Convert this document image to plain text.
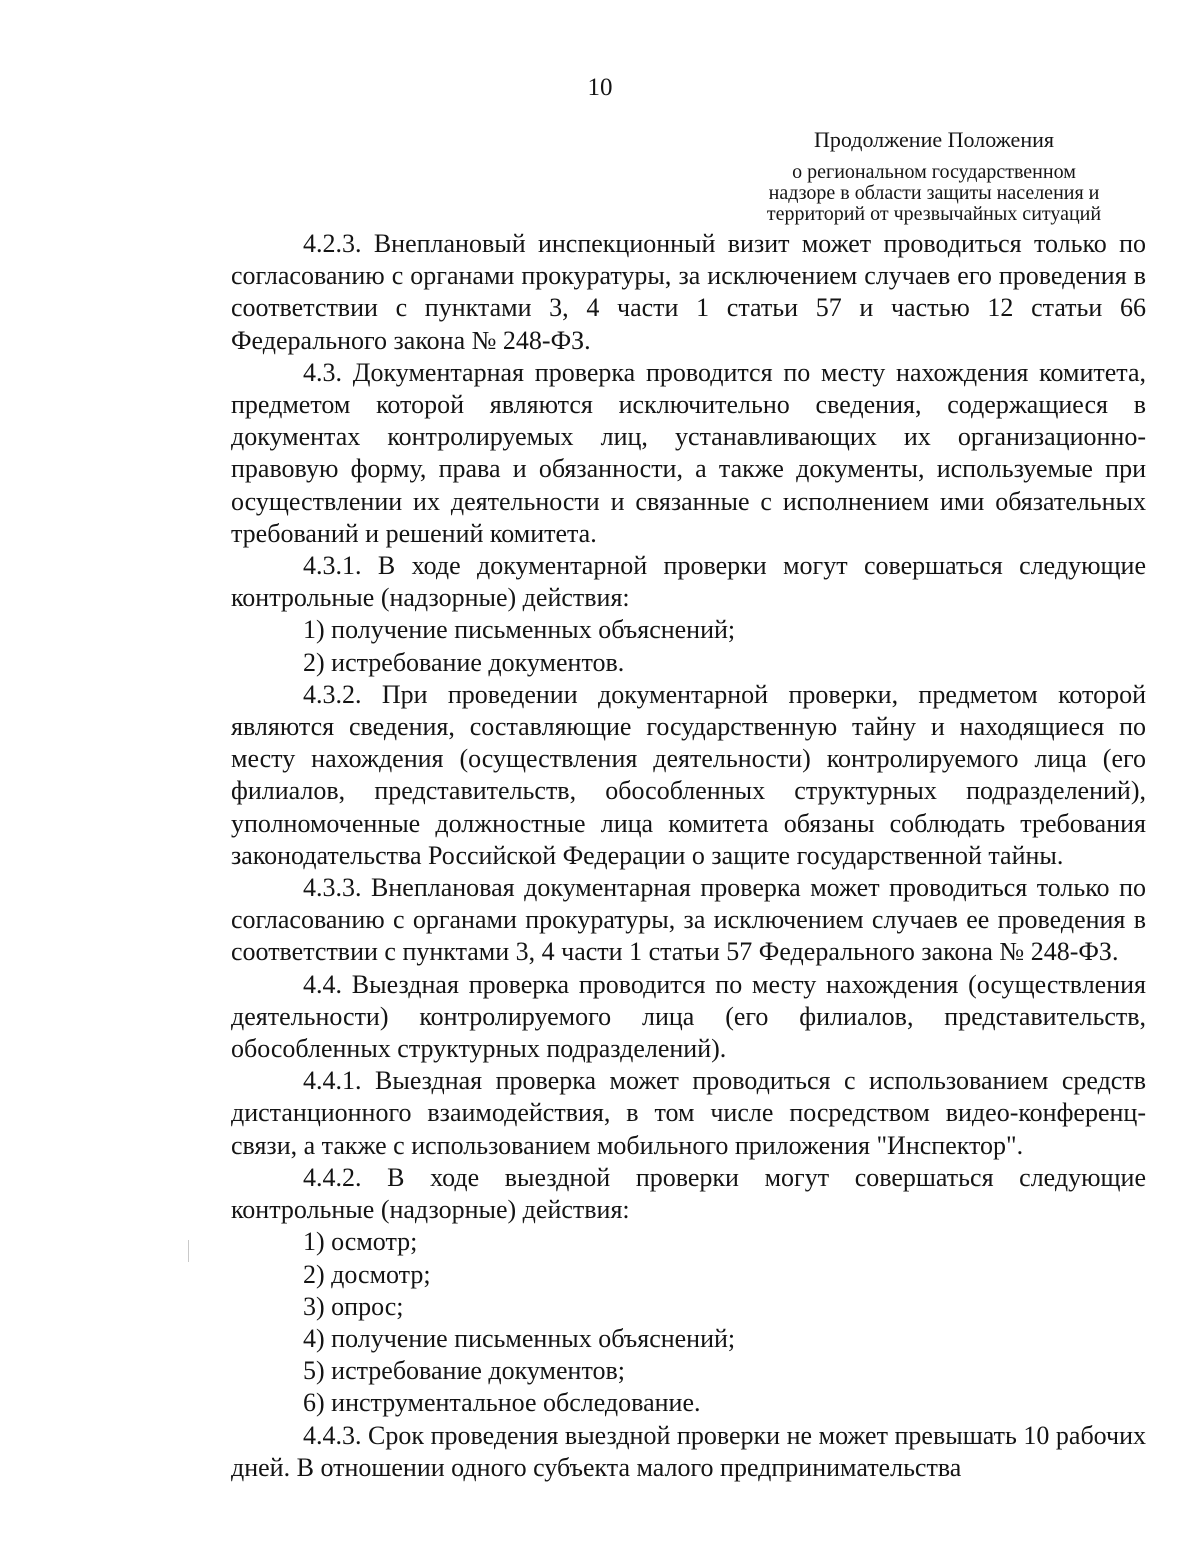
10
Продолжение Положения
о региональном государственном
надзоре в области защиты населения и
территорий от чрезвычайных ситуаций

4.2.3. Внеплановый инспекционный визит может проводиться только по согласованию с органами прокуратуры, за исключением случаев его проведения в соответствии с пунктами 3, 4 части 1 статьи 57 и частью 12 статьи 66 Федерального закона № 248-ФЗ.

4.3. Документарная проверка проводится по месту нахождения комитета, предметом которой являются исключительно сведения, содержащиеся в документах контролируемых лиц, устанавливающих их организационно-правовую форму, права и обязанности, а также документы, используемые при осуществлении их деятельности и связанные с исполнением ими обязательных требований и решений комитета.

4.3.1. В ходе документарной проверки могут совершаться следующие контрольные (надзорные) действия:

1) получение письменных объяснений;

2) истребование документов.

4.3.2. При проведении документарной проверки, предметом которой являются сведения, составляющие государственную тайну и находящиеся по месту нахождения (осуществления деятельности) контролируемого лица (его филиалов, представительств, обособленных структурных подразделений), уполномоченные должностные лица комитета обязаны соблюдать требования законодательства Российской Федерации о защите государственной тайны.

4.3.3. Внеплановая документарная проверка может проводиться только по согласованию с органами прокуратуры, за исключением случаев ее проведения в соответствии с пунктами 3, 4 части 1 статьи 57 Федерального закона № 248-ФЗ.

4.4. Выездная проверка проводится по месту нахождения (осуществления деятельности) контролируемого лица (его филиалов, представительств, обособленных структурных подразделений).

4.4.1. Выездная проверка может проводиться с использованием средств дистанционного взаимодействия, в том числе посредством видео-конференц-связи, а также с использованием мобильного приложения "Инспектор".

4.4.2. В ходе выездной проверки могут совершаться следующие контрольные (надзорные) действия:

1) осмотр;

2) досмотр;

3) опрос;

4) получение письменных объяснений;

5) истребование документов;

6) инструментальное обследование.

4.4.3. Срок проведения выездной проверки не может превышать 10 рабочих дней. В отношении одного субъекта малого предпринимательства
